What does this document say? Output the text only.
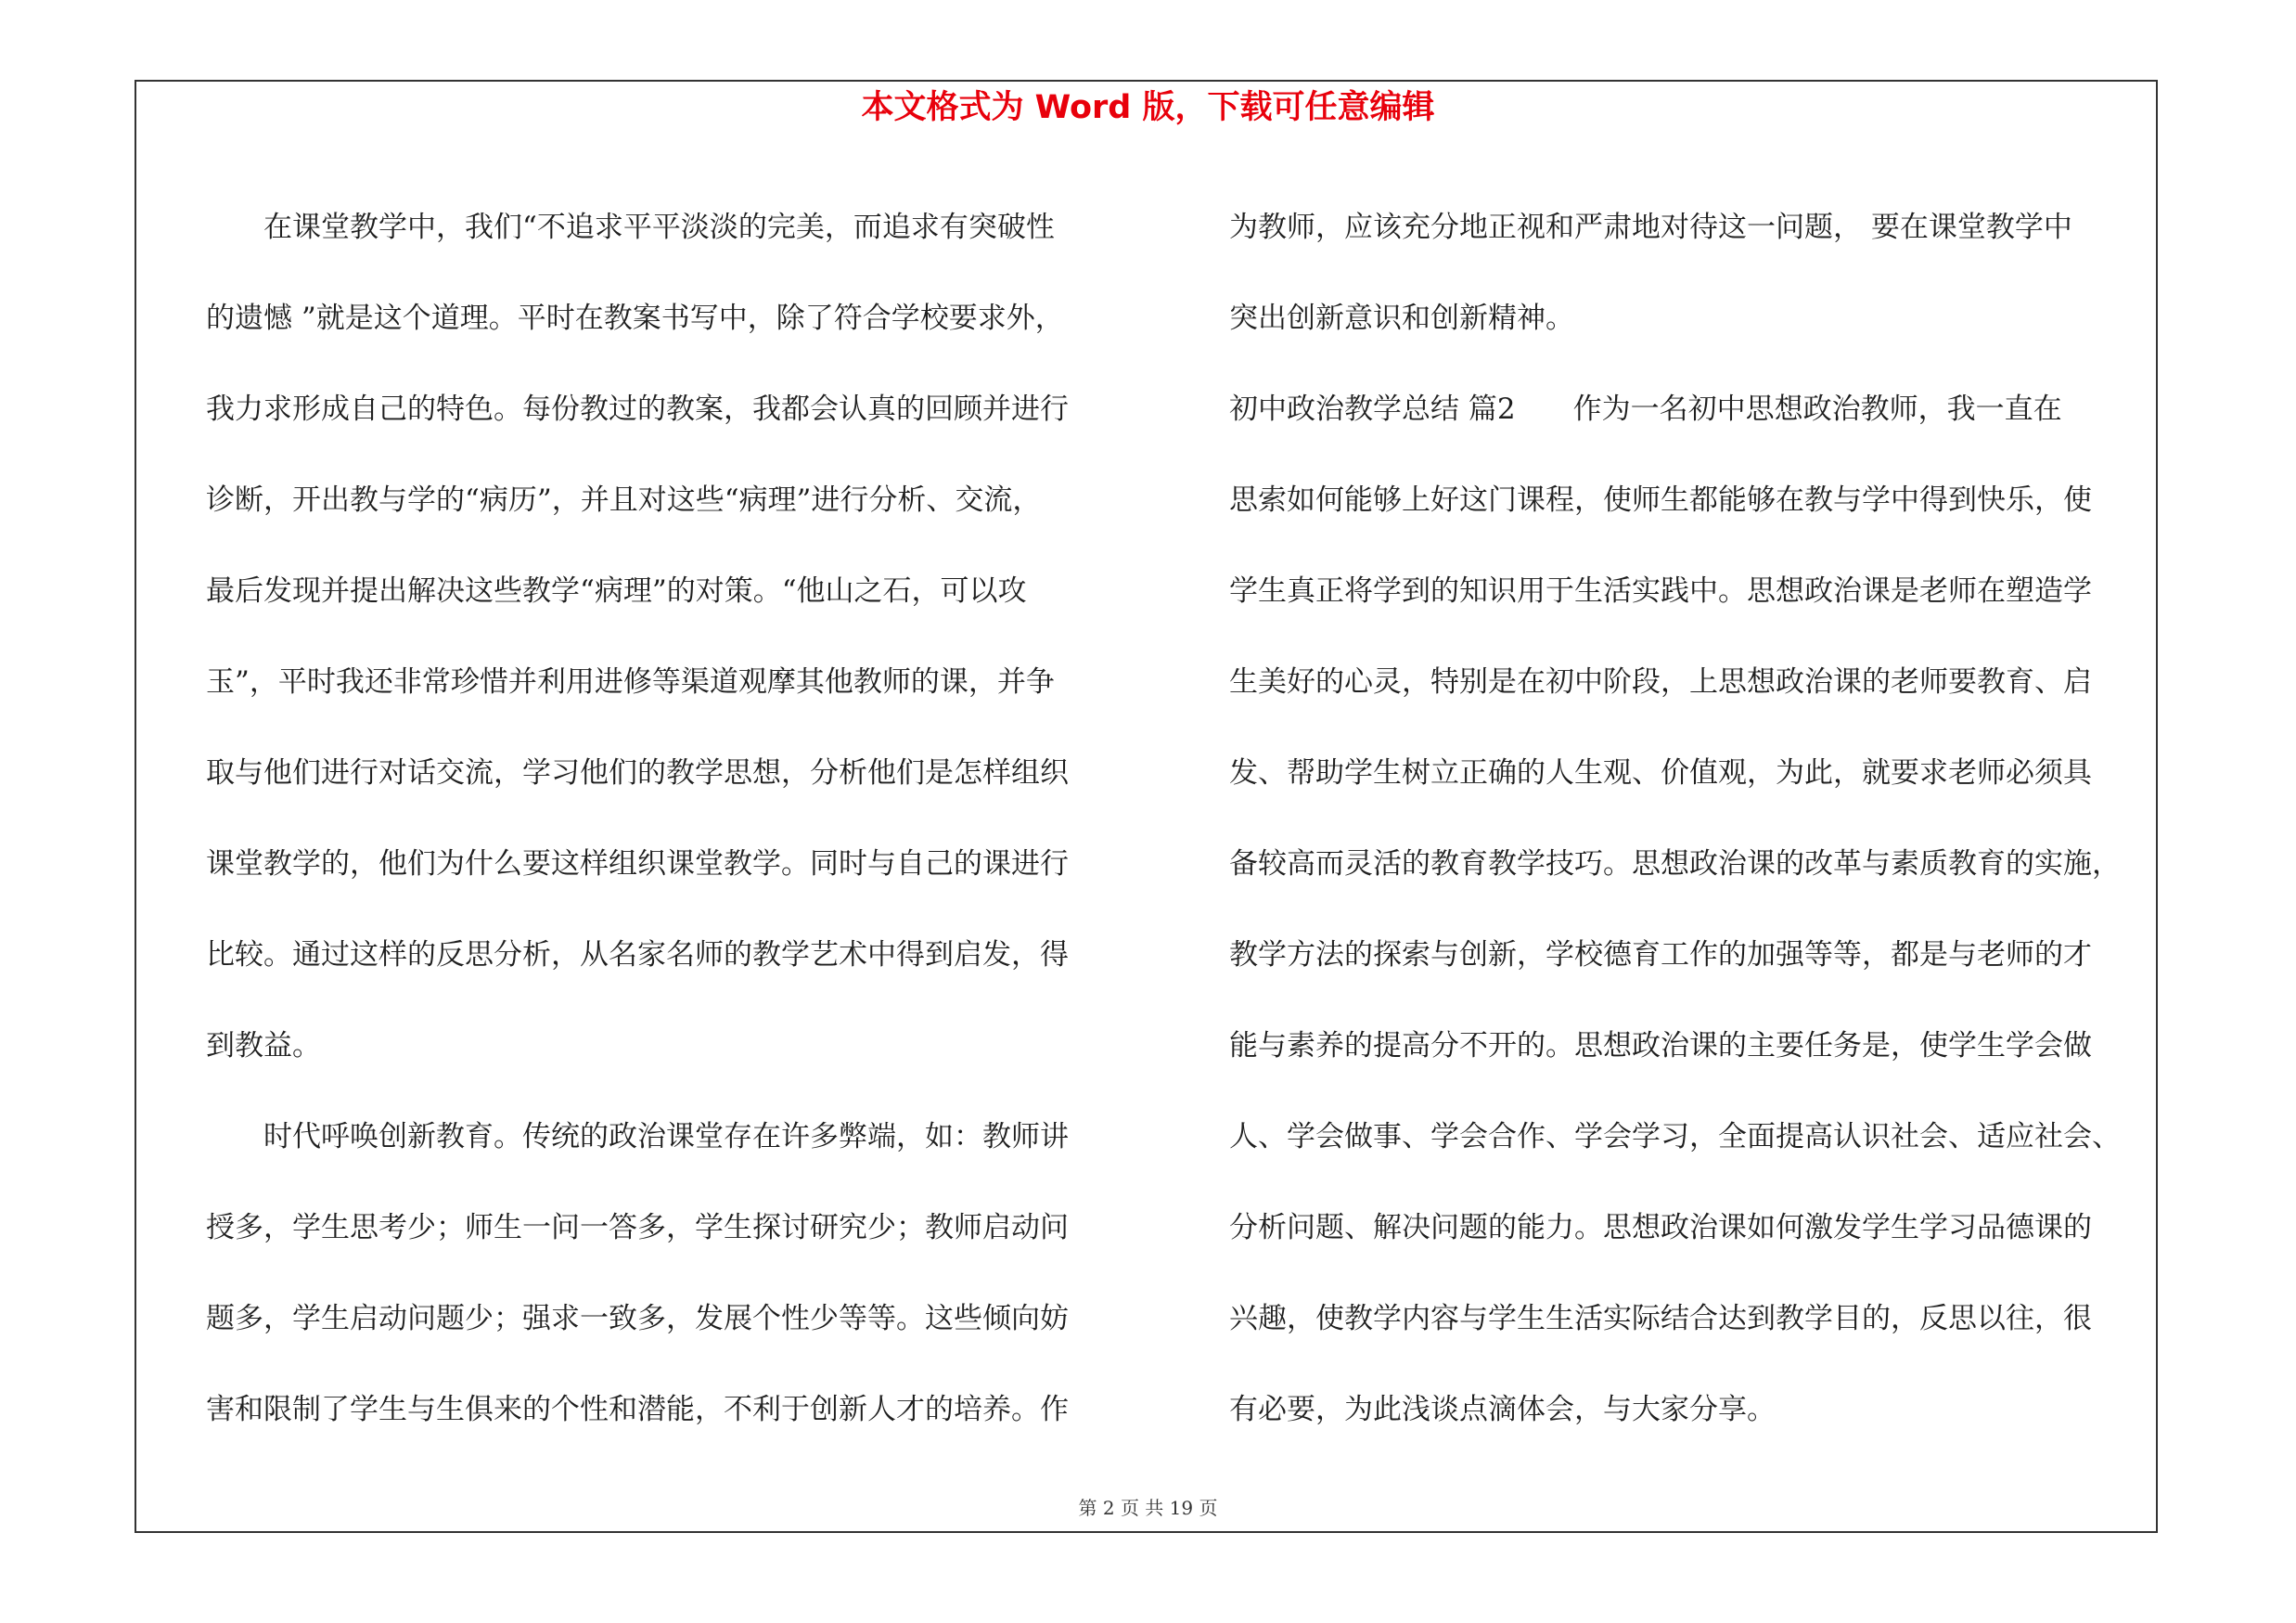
本文格式为 Word 版，下载可任意编辑
　　在课堂教学中，我们“不追求平平淡淡的完美，而追求有突破性
的遗憾 ”就是这个道理。平时在教案书写中，除了符合学校要求外，
我力求形成自己的特色。每份教过的教案，我都会认真的回顾并进行
诊断，开出教与学的“病历”，并且对这些“病理”进行分析、交流，
最后发现并提出解决这些教学“病理”的对策。“他山之石，可以攻
玉”，平时我还非常珍惜并利用进修等渠道观摩其他教师的课，并争
取与他们进行对话交流，学习他们的教学思想，分析他们是怎样组织
课堂教学的，他们为什么要这样组织课堂教学。同时与自己的课进行
比较。通过这样的反思分析，从名家名师的教学艺术中得到启发，得
到教益。
　　时代呼唤创新教育。传统的政治课堂存在许多弊端，如：教师讲
授多，学生思考少；师生一问一答多，学生探讨研究少；教师启动问
题多，学生启动问题少；强求一致多，发展个性少等等。这些倾向妨
害和限制了学生与生俱来的个性和潜能，不利于创新人才的培养。作
为教师，应该充分地正视和严肃地对待这一问题， 要在课堂教学中
突出创新意识和创新精神。
初中政治教学总结 篇2　　作为一名初中思想政治教师，我一直在
思索如何能够上好这门课程，使师生都能够在教与学中得到快乐，使
学生真正将学到的知识用于生活实践中。思想政治课是老师在塑造学
生美好的心灵，特别是在初中阶段，上思想政治课的老师要教育、启
发、帮助学生树立正确的人生观、价值观，为此，就要求老师必须具
备较高而灵活的教育教学技巧。思想政治课的改革与素质教育的实施，
教学方法的探索与创新，学校德育工作的加强等等，都是与老师的才
能与素养的提高分不开的。思想政治课的主要任务是，使学生学会做
人、学会做事、学会合作、学会学习，全面提高认识社会、适应社会、
分析问题、解决问题的能力。思想政治课如何激发学生学习品德课的
兴趣，使教学内容与学生生活实际结合达到教学目的，反思以往，很
有必要，为此浅谈点滴体会，与大家分享。
第 2 页 共 19 页
